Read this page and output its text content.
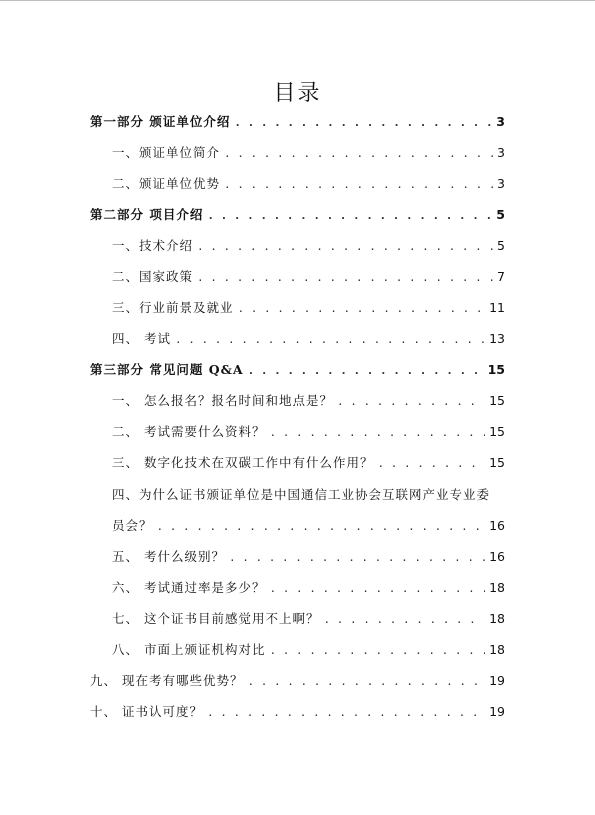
目录
第一部分 颁证单位介绍 . . .	3
一、颁证单位简介 . . .	3
二、颁证单位优势 . . .	3
第二部分 项目介绍 . . .	5
一、技术介绍 . . .	5
二、国家政策 . . .	7
三、行业前景及就业 . . .	11
四、 考试 . . .	13
第三部分 常见问题 Q&A . . .	15
一、 怎么报名？报名时间和地点是？ . . .	15
二、 考试需要什么资料？ . . .	15
三、 数字化技术在双碳工作中有什么作用？ . . .	15
四、为什么证书颁证单位是中国通信工业协会互联网产业专业委
员会？ . . .	16
五、 考什么级别？ . . .	16
六、 考试通过率是多少？ . . .	18
七、 这个证书目前感觉用不上啊？ . . .	18
八、 市面上颁证机构对比 . . .	18
九、 现在考有哪些优势？ . . .	19
十、 证书认可度？ . . .	19
